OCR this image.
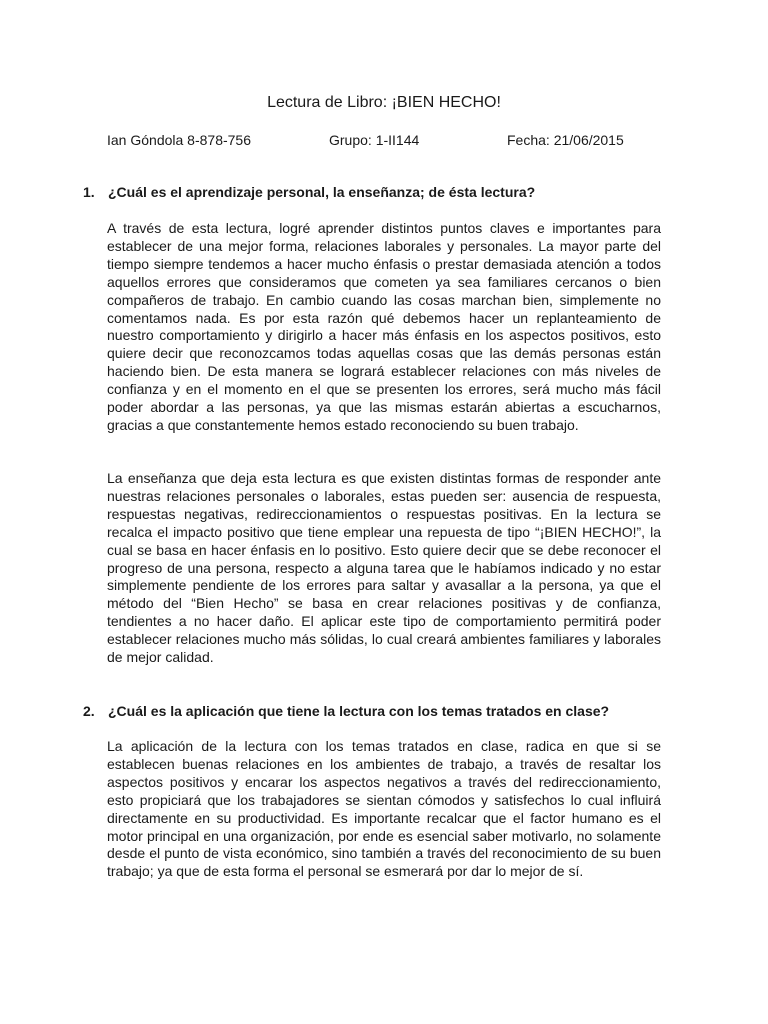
Lectura de Libro: ¡BIEN HECHO!
Ian Góndola 8-878-756	Grupo: 1-II144	Fecha: 21/06/2015
1. ¿Cuál es el aprendizaje personal, la enseñanza; de ésta lectura?

A través de esta lectura, logré aprender distintos puntos claves e importantes para establecer de una mejor forma, relaciones laborales y personales. La mayor parte del tiempo siempre tendemos a hacer mucho énfasis o prestar demasiada atención a todos aquellos errores que consideramos que cometen ya sea familiares cercanos o bien compañeros de trabajo. En cambio cuando las cosas marchan bien, simplemente no comentamos nada. Es por esta razón qué debemos hacer un replanteamiento de nuestro comportamiento y dirigirlo a hacer más énfasis en los aspectos positivos, esto quiere decir que reconozcamos todas aquellas cosas que las demás personas están haciendo bien. De esta manera se logrará establecer relaciones con más niveles de confianza y en el momento en el que se presenten los errores, será mucho más fácil poder abordar a las personas, ya que las mismas estarán abiertas a escucharnos, gracias a que constantemente hemos estado reconociendo su buen trabajo.

La enseñanza que deja esta lectura es que existen distintas formas de responder ante nuestras relaciones personales o laborales, estas pueden ser: ausencia de respuesta, respuestas negativas, redireccionamientos o respuestas positivas. En la lectura se recalca el impacto positivo que tiene emplear una repuesta de tipo “¡BIEN HECHO!”, la cual se basa en hacer énfasis en lo positivo. Esto quiere decir que se debe reconocer el progreso de una persona, respecto a alguna tarea que le habíamos indicado y no estar simplemente pendiente de los errores para saltar y avasallar a la persona, ya que el método del “Bien Hecho” se basa en crear relaciones positivas y de confianza, tendientes a no hacer daño. El aplicar este tipo de comportamiento permitirá poder establecer relaciones mucho más sólidas, lo cual creará ambientes familiares y laborales de mejor calidad.

2. ¿Cuál es la aplicación que tiene la lectura con los temas tratados en clase?

La aplicación de la lectura con los temas tratados en clase, radica en que si se establecen buenas relaciones en los ambientes de trabajo, a través de resaltar los aspectos positivos y encarar los aspectos negativos a través del redireccionamiento, esto propiciará que los trabajadores se sientan cómodos y satisfechos lo cual influirá directamente en su productividad. Es importante recalcar que el factor humano es el motor principal en una organización, por ende es esencial saber motivarlo, no solamente desde el punto de vista económico, sino también a través del reconocimiento de su buen trabajo; ya que de esta forma el personal se esmerará por dar lo mejor de sí.
